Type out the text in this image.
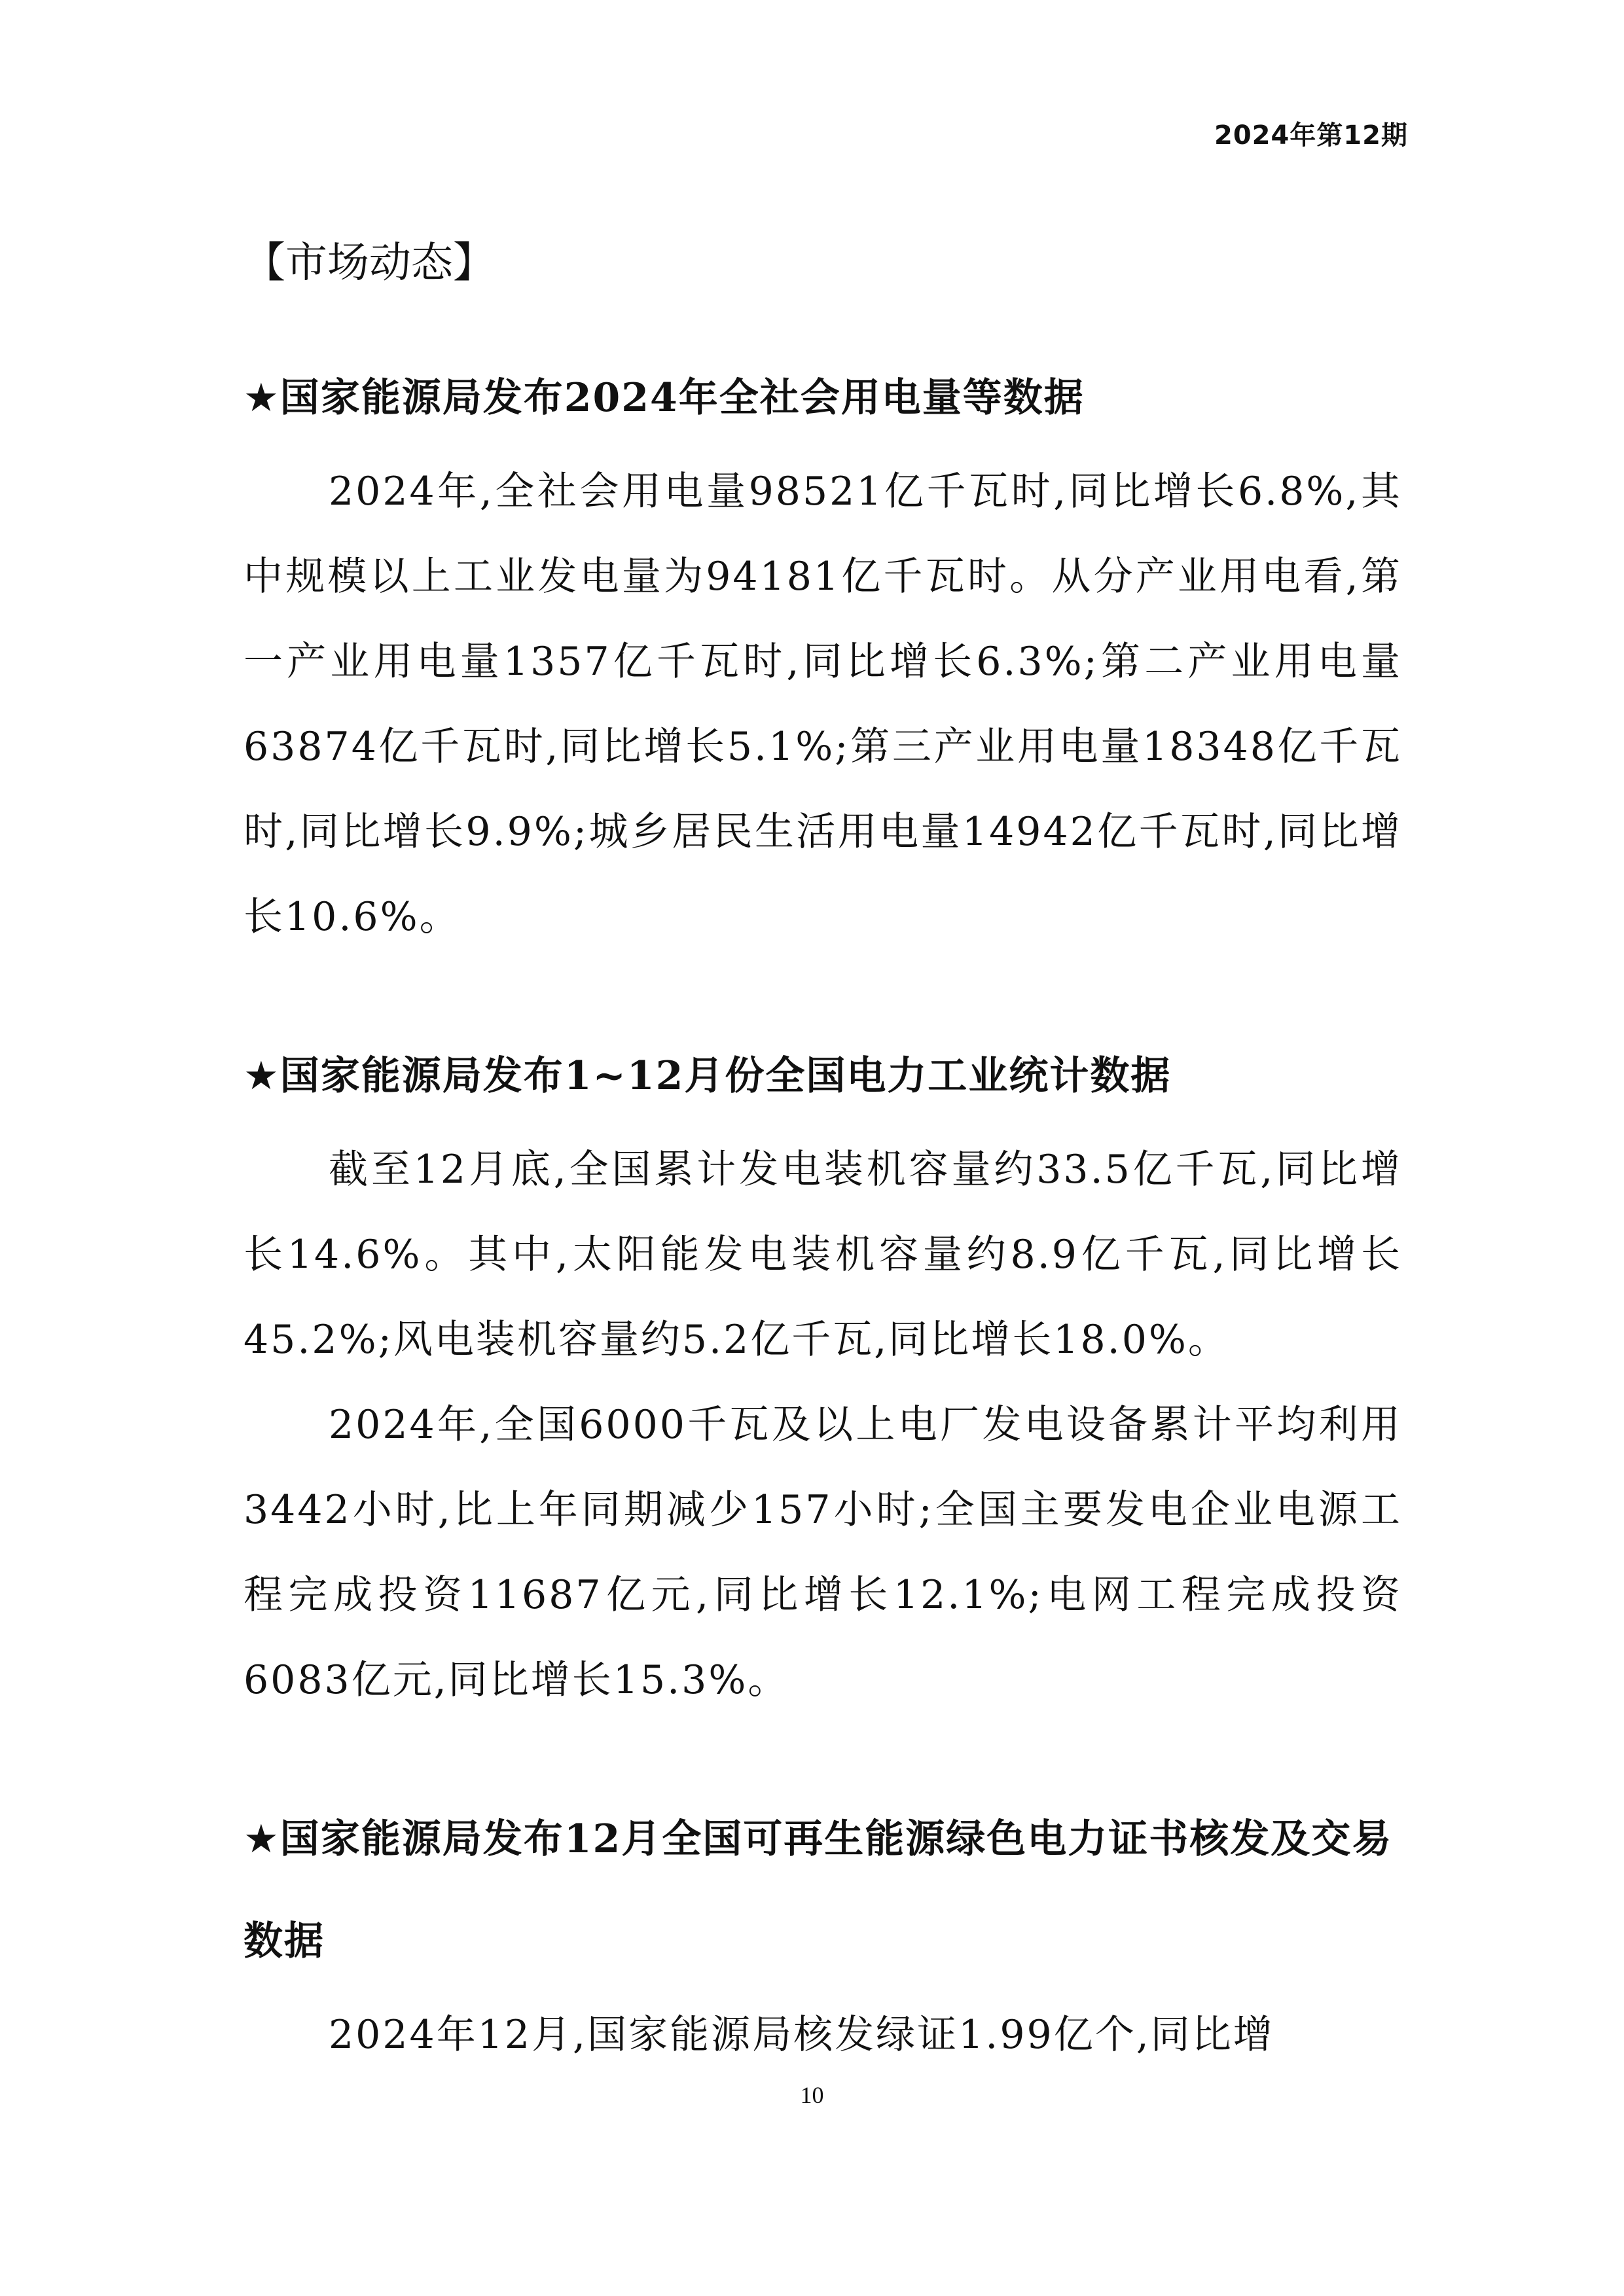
2024年第12期
【市场动态】
★国家能源局发布2024年全社会用电量等数据

2024年,全社会用电量98521亿千瓦时,同比增长6.8%,其中规模以上工业发电量为94181亿千瓦时。从分产业用电看,第一产业用电量1357亿千瓦时,同比增长6.3%;第二产业用电量63874亿千瓦时,同比增长5.1%;第三产业用电量18348亿千瓦时,同比增长9.9%;城乡居民生活用电量14942亿千瓦时,同比增长10.6%。

★国家能源局发布1~12月份全国电力工业统计数据

截至12月底,全国累计发电装机容量约33.5亿千瓦,同比增长14.6%。其中,太阳能发电装机容量约8.9亿千瓦,同比增长45.2%;风电装机容量约5.2亿千瓦,同比增长18.0%。

2024年,全国6000千瓦及以上电厂发电设备累计平均利用3442小时,比上年同期减少157小时;全国主要发电企业电源工程完成投资11687亿元,同比增长12.1%;电网工程完成投资6083亿元,同比增长15.3%。

★国家能源局发布12月全国可再生能源绿色电力证书核发及交易数据

2024年12月,国家能源局核发绿证1.99亿个,同比增

10
